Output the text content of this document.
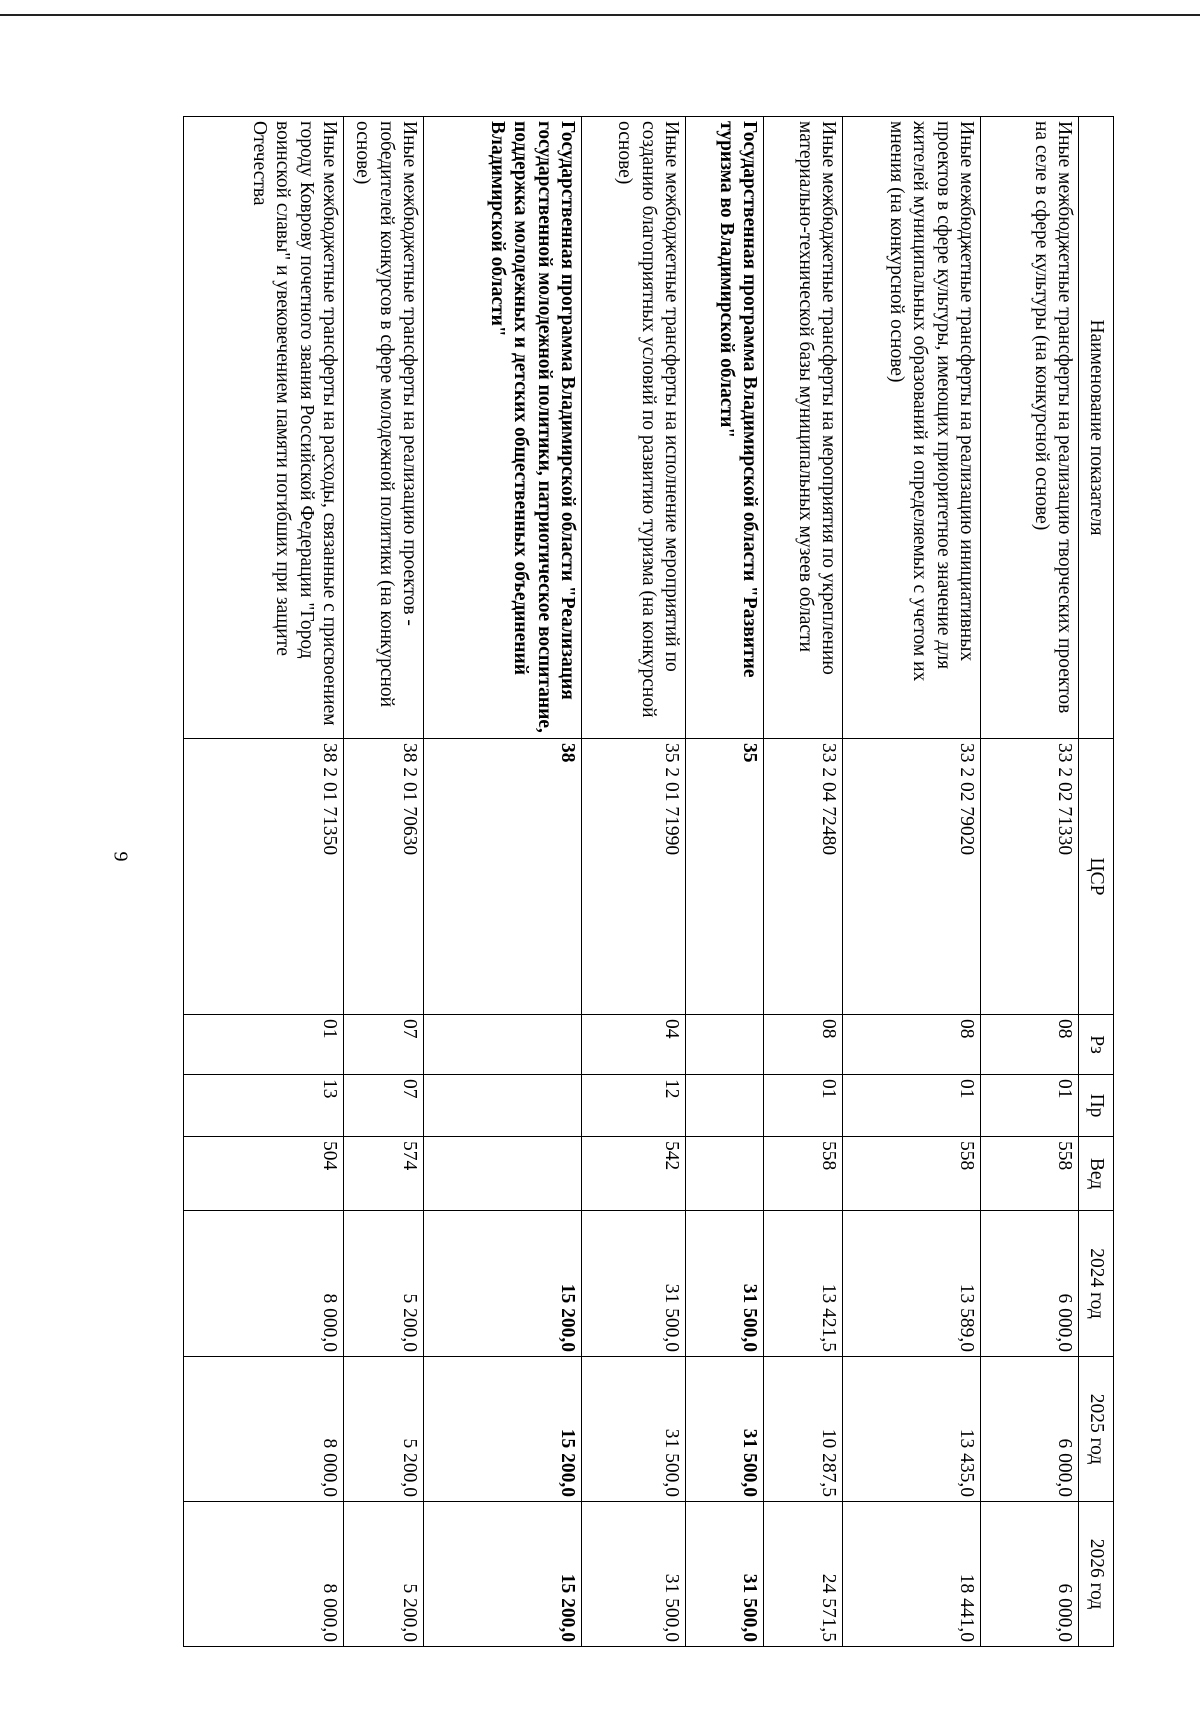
9
Наименование показателя	ЦСР	Рз	Пр	Вед	2024 год	2025 год	2026 год
Иные межбюджетные трансферты на реализацию творческих проектов на селе в сфере культуры (на конкурсной основе)	33 2 02 71330	08	01	558	6 000,0	6 000,0	6 000,0
Иные межбюджетные трансферты на реализацию инициативных проектов в сфере культуры, имеющих приоритетное значение для жителей муниципальных образований и определяемых с учетом их мнения (на конкурсной основе)	33 2 02 79020	08	01	558	13 589,0	13 435,0	18 441,0
Иные межбюджетные трансферты на мероприятия по укреплению материально-технической базы муниципальных музеев области	33 2 04 72480	08	01	558	13 421,5	10 287,5	24 571,5
Государственная программа Владимирской области "Развитие туризма во Владимирской области"	35				31 500,0	31 500,0	31 500,0
Иные межбюджетные трансферты на исполнение мероприятий по созданию благоприятных условий по развитию туризма (на конкурсной основе)	35 2 01 71990	04	12	542	31 500,0	31 500,0	31 500,0
Государственная программа Владимирской области "Реализация государственной молодежной политики, патриотическое воспитание, поддержка молодежных и детских общественных объединений Владимирской области"	38				15 200,0	15 200,0	15 200,0
Иные межбюджетные трансферты на реализацию проектов - победителей конкурсов в сфере молодежной политики (на конкурсной основе)	38 2 01 70630	07	07	574	5 200,0	5 200,0	5 200,0
Иные межбюджетные трансферты на расходы, связанные с присвоением городу Коврову почетного звания Российской Федерации "Город воинской славы" и увековечением памяти погибших при защите Отечества	38 2 01 71350	01	13	504	8 000,0	8 000,0	8 000,0
